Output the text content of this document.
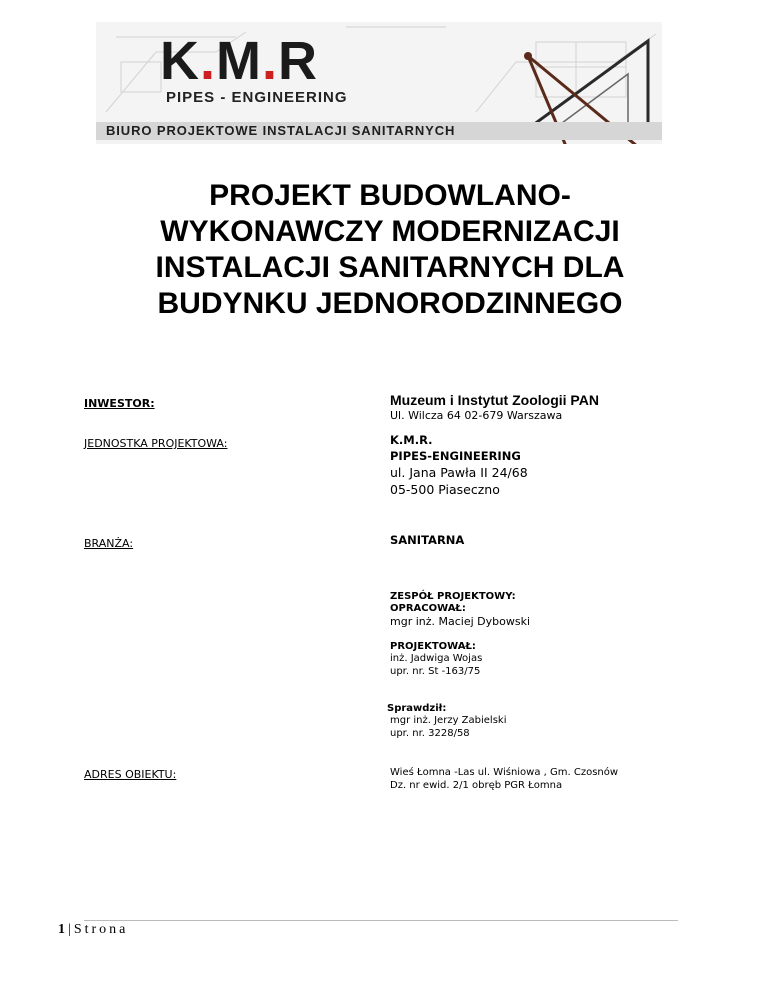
K.M.R
PIPES - ENGINEERING
BIURO PROJEKTOWE INSTALACJI SANITARNYCH
PROJEKT BUDOWLANO-
WYKONAWCZY MODERNIZACJI
INSTALACJI SANITARNYCH DLA
BUDYNKU JEDNORODZINNEGO
INWESTOR:	Muzeum i Instytut Zoologii PAN
Ul. Wilcza 64 02-679 Warszawa
JEDNOSTKA PROJEKTOWA:	K.M.R.
PIPES-ENGINEERING
ul. Jana Pawła II 24/68
05-500 Piaseczno
BRANŻA:	SANITARNA
ZESPÓŁ PROJEKTOWY:
OPRACOWAŁ:
mgr inż. Maciej Dybowski
PROJEKTOWAŁ:
inż. Jadwiga Wojas
upr. nr. St -163/75
Sprawdził:
mgr inż. Jerzy Zabielski
upr. nr. 3228/58
ADRES OBIEKTU:	Wieś Łomna -Las ul. Wiśniowa , Gm. Czosnów
Dz. nr ewid. 2/1 obręb PGR Łomna
1|Strona
